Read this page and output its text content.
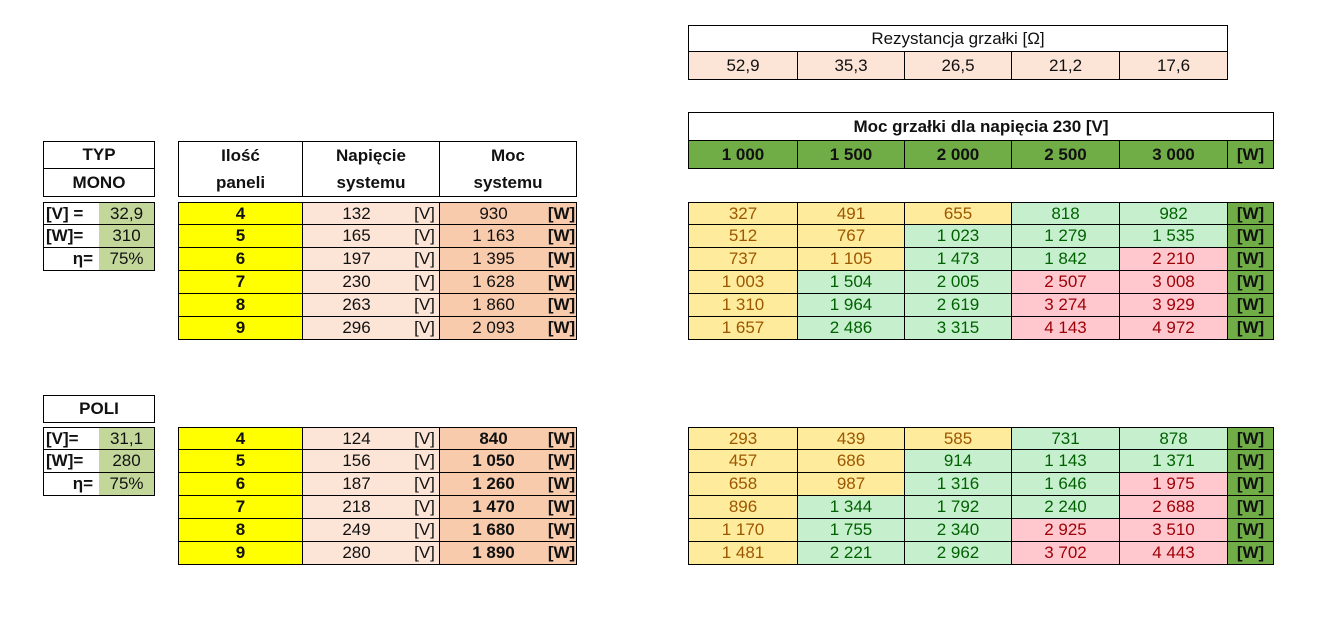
Rezystancja grzałki [Ω]
52,9	35,3	26,5	21,2	17,6
Moc grzałki dla napięcia 230 [V]
1 000	1 500	2 000	2 500	3 000	[W]
TYP
MONO
Ilość
paneli
Napięcie
systemu
Moc
systemu
[V] =	32,9
[W]=	310
η= 75%
4	132	[V]	930	[W]	327	491	655	818	982	[W]
5	165	[V]	1 163	[W]	512	767	1 023	1 279	1 535	[W]
6	197	[V]	1 395	[W]	737	1 105	1 473	1 842	2 210	[W]
7	230	[V]	1 628	[W]	1 003	1 504	2 005	2 507	3 008	[W]
8	263	[V]	1 860	[W]	1 310	1 964	2 619	3 274	3 929	[W]
9	296	[V]	2 093	[W]	1 657	2 486	3 315	4 143	4 972	[W]
POLI
[V]=	31,1
[W]=	280
η= 75%
4	124	[V]	840	[W]	293	439	585	731	878	[W]
5	156	[V]	1 050	[W]	457	686	914	1 143	1 371	[W]
6	187	[V]	1 260	[W]	658	987	1 316	1 646	1 975	[W]
7	218	[V]	1 470	[W]	896	1 344	1 792	2 240	2 688	[W]
8	249	[V]	1 680	[W]	1 170	1 755	2 340	2 925	3 510	[W]
9	280	[V]	1 890	[W]	1 481	2 221	2 962	3 702	4 443	[W]
